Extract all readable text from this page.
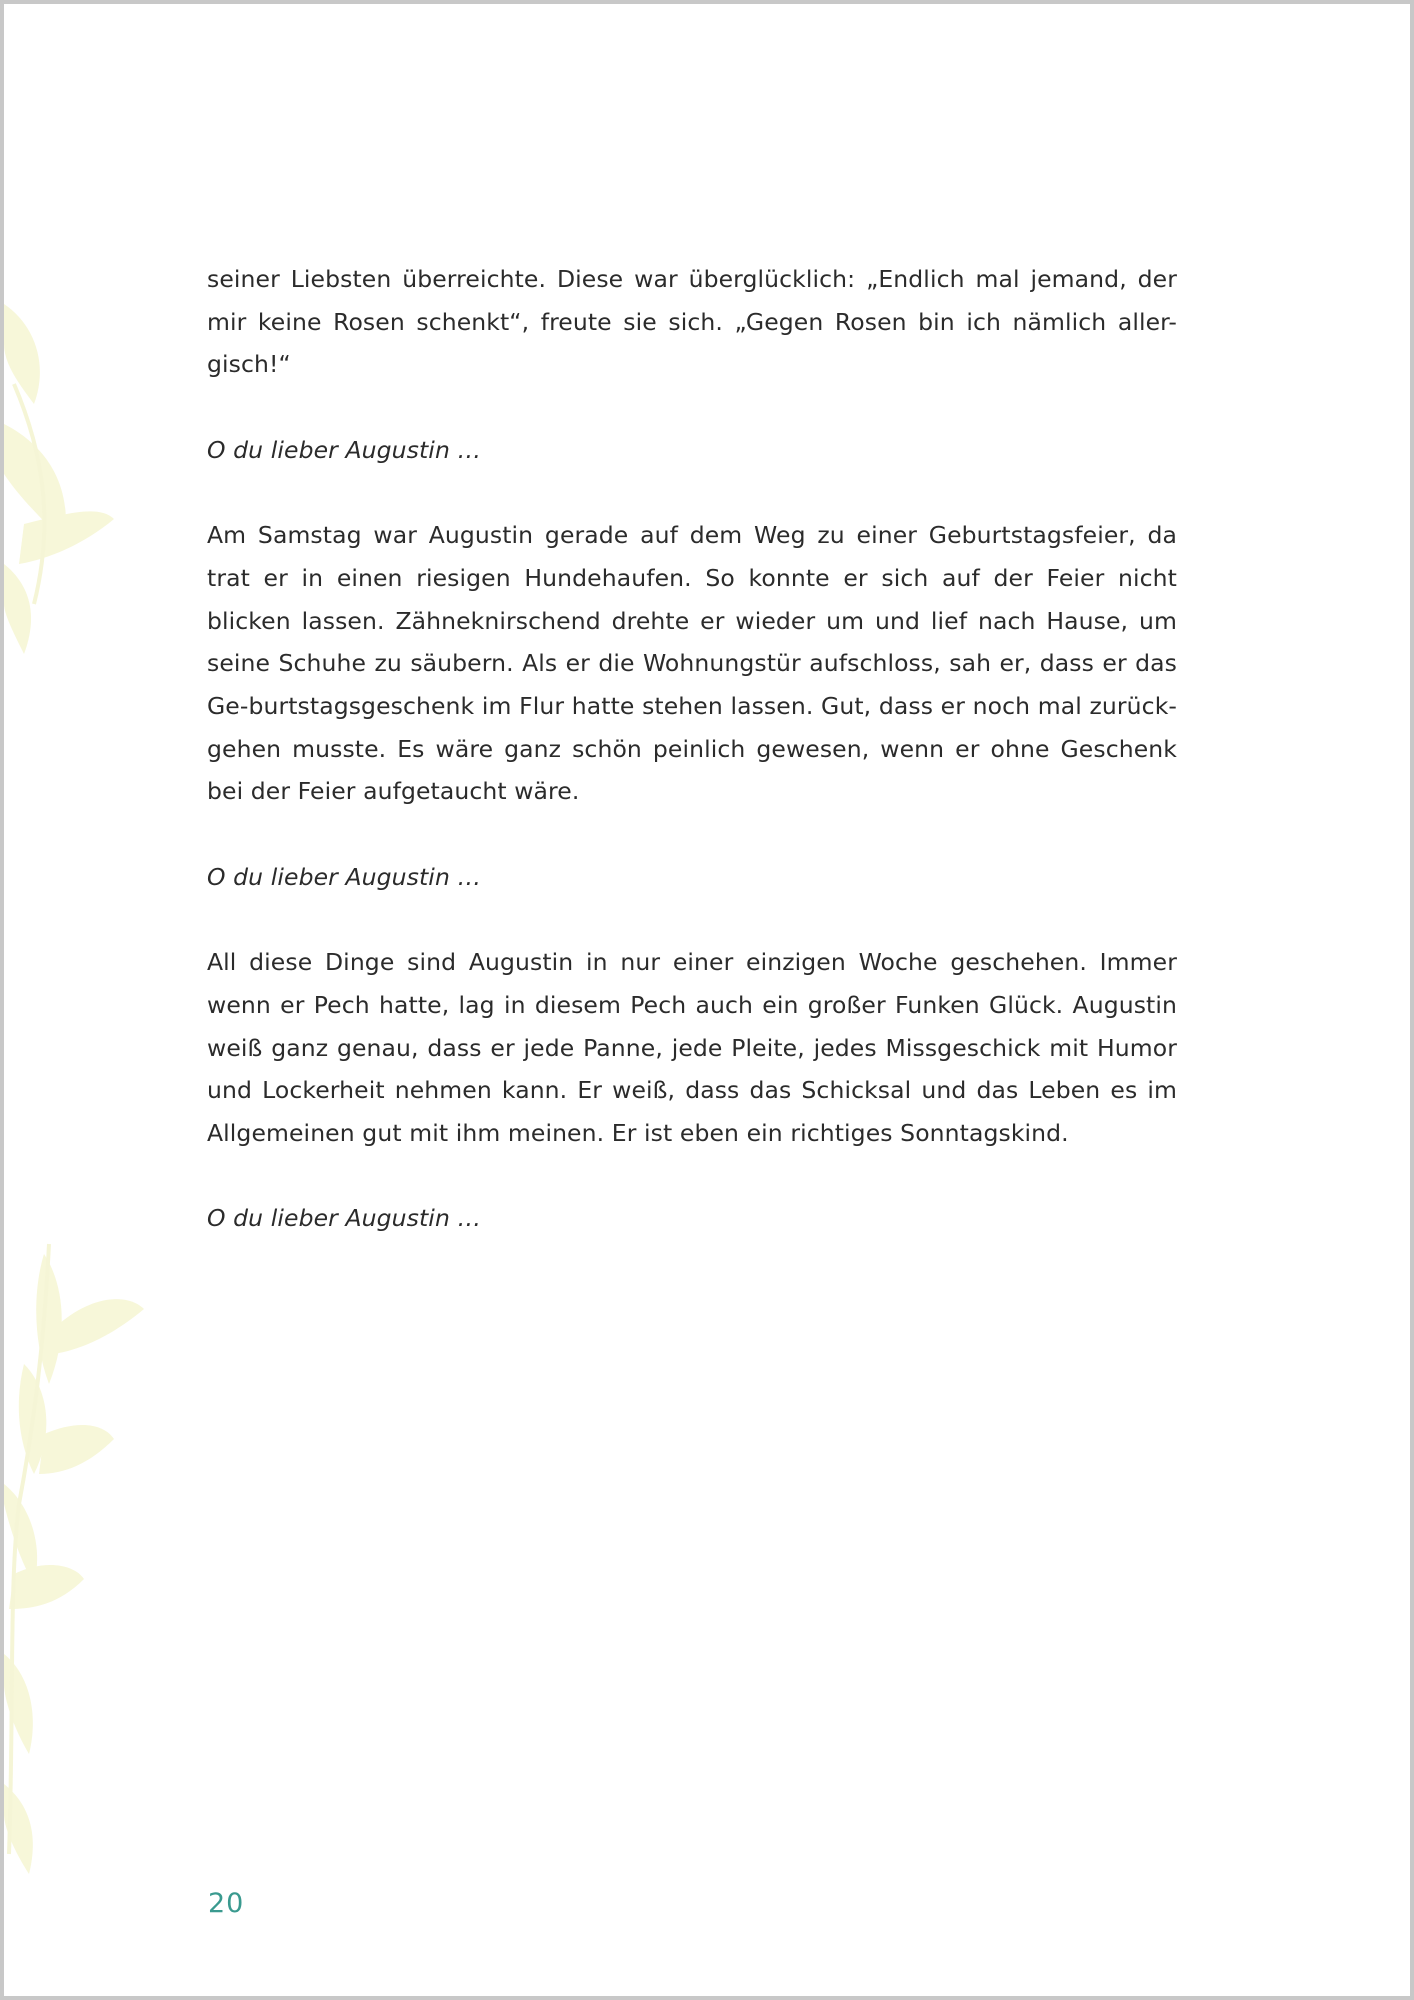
seiner Liebsten überreichte. Diese war überglücklich: „Endlich mal jemand, der mir keine Rosen schenkt“, freute sie sich. „Gegen Rosen bin ich nämlich aller-gisch!“

O du lieber Augustin …

Am Samstag war Augustin gerade auf dem Weg zu einer Geburtstagsfeier, da trat er in einen riesigen Hundehaufen. So konnte er sich auf der Feier nicht blicken lassen. Zähneknirschend drehte er wieder um und lief nach Hause, um seine Schuhe zu säubern. Als er die Wohnungstür aufschloss, sah er, dass er das Ge-burtstagsgeschenk im Flur hatte stehen lassen. Gut, dass er noch mal zurück-gehen musste. Es wäre ganz schön peinlich gewesen, wenn er ohne Geschenk bei der Feier aufgetaucht wäre.

O du lieber Augustin …

All diese Dinge sind Augustin in nur einer einzigen Woche geschehen. Immer wenn er Pech hatte, lag in diesem Pech auch ein großer Funken Glück. Augustin weiß ganz genau, dass er jede Panne, jede Pleite, jedes Missgeschick mit Humor und Lockerheit nehmen kann. Er weiß, dass das Schicksal und das Leben es im Allgemeinen gut mit ihm meinen. Er ist eben ein richtiges Sonntagskind.

O du lieber Augustin …

20
